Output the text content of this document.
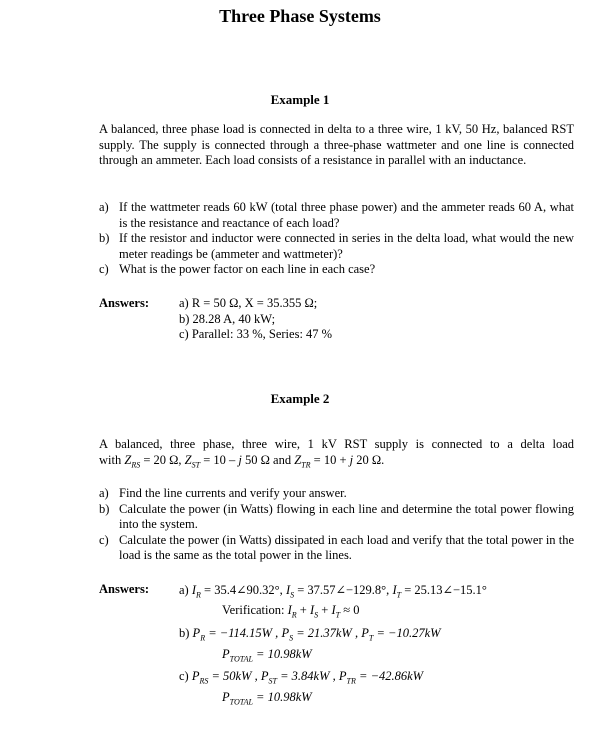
Three Phase Systems
Example 1

A balanced, three phase load is connected in delta to a three wire, 1 kV, 50 Hz, balanced RST supply. The supply is connected through a three-phase wattmeter and one line is connected through an ammeter. Each load consists of a resistance in parallel with an inductance.

a) If the wattmeter reads 60 kW (total three phase power) and the ammeter reads 60 A, what is the resistance and reactance of each load?
b) If the resistor and inductor were connected in series in the delta load, what would the new meter readings be (ammeter and wattmeter)?
c) What is the power factor on each line in each case?
Answers: a) R = 50 Ω, X = 35.355 Ω;
b) 28.28 A, 40 kW;
c) Parallel: 33 %, Series: 47 %
Example 2
A balanced, three phase, three wire, 1 kV RST supply is connected to a delta load
with $Z_{RS} = 20$ Ω, $Z_{ST} = 10 - j$ 50 Ω and $Z_{TR} = 10 + j$ 20 Ω.
a) Find the line currents and verify your answer.
b) Calculate the power (in Watts) flowing in each line and determine the total power flowing into the system.
c) Calculate the power (in Watts) dissipated in each load and verify that the total power in the load is the same as the total power in the lines.
Answers: a) $I_R$ = 35.4∠90.32°, $I_S$ = 37.57∠−129.8°, $I_T$ = 25.13∠−15.1°
Verification: $I_R + I_S + I_T \approx 0$
b) $P_R = -114.15W$ , $P_S = 21.37kW$ , $P_T = -10.27kW$
$P_{TOTAL} = 10.98kW$
c) $P_{RS} = 50kW$ , $P_{ST} = 3.84kW$ , $P_{TR} = -42.86kW$
$P_{TOTAL} = 10.98kW$
